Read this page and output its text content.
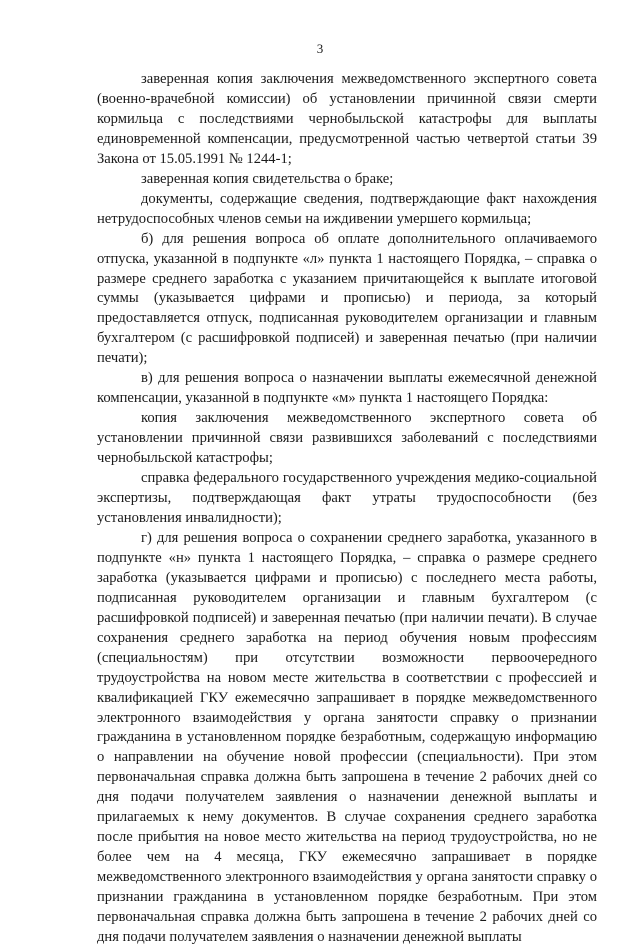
3

заверенная копия заключения межведомственного экспертного совета (военно-врачебной комиссии) об установлении причинной связи смерти кормильца с последствиями чернобыльской катастрофы для выплаты единовременной компенсации, предусмотренной частью четвертой статьи 39 Закона от 15.05.1991 № 1244-1;

заверенная копия свидетельства о браке;

документы, содержащие сведения, подтверждающие факт нахождения нетрудоспособных членов семьи на иждивении умершего кормильца;

б) для решения вопроса об оплате дополнительного оплачиваемого отпуска, указанной в подпункте «л» пункта 1 настоящего Порядка, – справка о размере среднего заработка с указанием причитающейся к выплате итоговой суммы (указывается цифрами и прописью) и периода, за который предоставляется отпуск, подписанная руководителем организации и главным бухгалтером (с расшифровкой подписей) и заверенная печатью (при наличии печати);

в) для решения вопроса о назначении выплаты ежемесячной денежной компенсации, указанной в подпункте «м» пункта 1 настоящего Порядка:

копия заключения межведомственного экспертного совета об установлении причинной связи развившихся заболеваний с последствиями чернобыльской катастрофы;

справка федерального государственного учреждения медико-социальной экспертизы, подтверждающая факт утраты трудоспособности (без установления инвалидности);

г) для решения вопроса о сохранении среднего заработка, указанного в подпункте «н» пункта 1 настоящего Порядка, – справка о размере среднего заработка (указывается цифрами и прописью) с последнего места работы, подписанная руководителем организации и главным бухгалтером (с расшифровкой подписей) и заверенная печатью (при наличии печати). В случае сохранения среднего заработка на период обучения новым профессиям (специальностям) при отсутствии возможности первоочередного трудоустройства на новом месте жительства в соответствии с профессией и квалификацией ГКУ ежемесячно запрашивает в порядке межведомственного электронного взаимодействия у органа занятости справку о признании гражданина в установленном порядке безработным, содержащую информацию о направлении на обучение новой профессии (специальности). При этом первоначальная справка должна быть запрошена в течение 2 рабочих дней со дня подачи получателем заявления о назначении денежной выплаты и прилагаемых к нему документов. В случае сохранения среднего заработка после прибытия на новое место жительства на период трудоустройства, но не более чем на 4 месяца, ГКУ ежемесячно запрашивает в порядке межведомственного электронного взаимодействия у органа занятости справку о признании гражданина в установленном порядке безработным. При этом первоначальная справка должна быть запрошена в течение 2 рабочих дней со дня подачи получателем заявления о назначении денежной выплаты
